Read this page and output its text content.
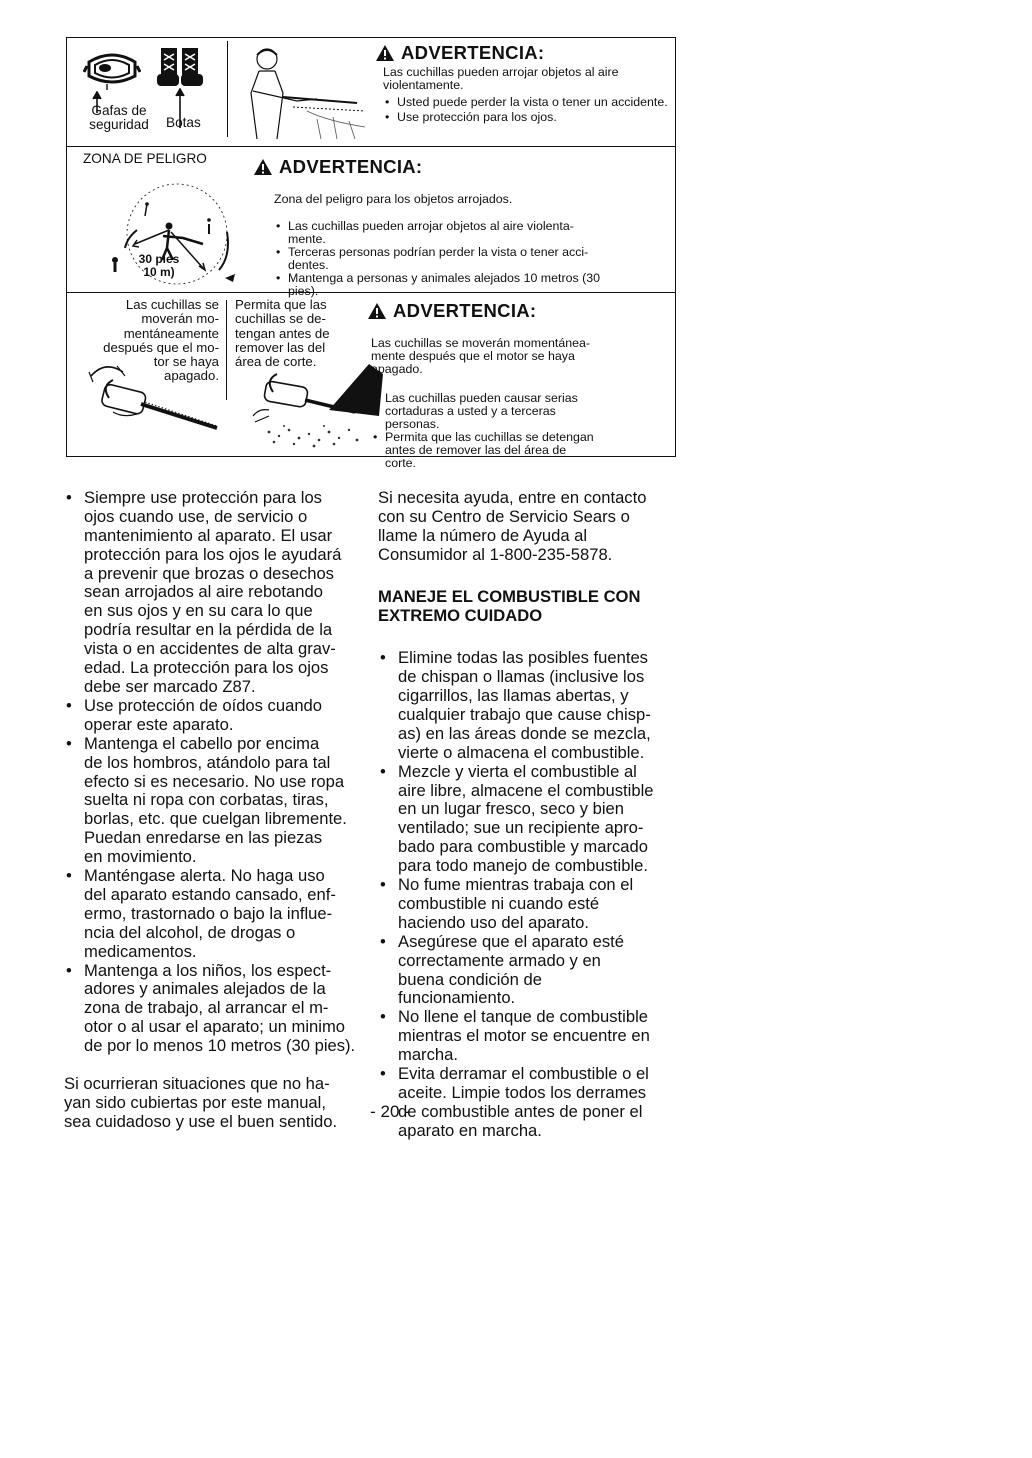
Gafas de
seguridad	Botas
ADVERTENCIA:
Las cuchillas pueden arrojar objetos al aire violentamente.
• Usted puede perder la vista o tener un accidente.
• Use protección para los ojos.
ZONA DE PELIGRO
30 pies
10 m)
ADVERTENCIA:

Zona del peligro para los objetos arrojados.

• Las cuchillas pueden arrojar objetos al aire violenta-
mente.
• Terceras personas podrían perder la vista o tener acci-
dentes.
• Mantenga a personas y animales alejados 10 metros (30
pies).

Las cuchillas se
moverán mo-
mentáneamente
después que el mo-
tor se haya
apagado.
Permita que las
cuchillas se de-
tengan antes de
remover las del
área de corte.
ADVERTENCIA:

Las cuchillas se moverán momentánea-
mente después que el motor se haya
apagado.

• Las cuchillas pueden causar serias
cortaduras a usted y a terceras
personas.
• Permita que las cuchillas se detengan
antes de remover las del área de
corte.

• Siempre use protección para los
ojos cuando use, de servicio o
mantenimiento al aparato. El usar
protección para los ojos le ayudará
a prevenir que brozas o desechos
sean arrojados al aire rebotando
en sus ojos y en su cara lo que
podría resultar en la pérdida de la
vista o en accidentes de alta grav-
edad. La protección para los ojos
debe ser marcado Z87.
• Use protección de oídos cuando
operar este aparato.
• Mantenga el cabello por encima
de los hombros, atándolo para tal
efecto si es necesario. No use ropa
suelta ni ropa con corbatas, tiras,
borlas, etc. que cuelgan libremente.
Puedan enredarse en las piezas
en movimiento.
• Manténgase alerta. No haga uso
del aparato estando cansado, enf-
ermo, trastornado o bajo la influe-
ncia del alcohol, de drogas o
medicamentos.
• Mantenga a los niños, los espect-
adores y animales alejados de la
zona de trabajo, al arrancar el m-
otor o al usar el aparato; un minimo
de por lo menos 10 metros (30 pies).

Si ocurrieran situaciones que no ha-
yan sido cubiertas por este manual,
sea cuidadoso y use el buen sentido.

Si necesita ayuda, entre en contacto
con su Centro de Servicio Sears o
llame la número de Ayuda al
Consumidor al 1-800-235-5878.

MANEJE EL COMBUSTIBLE CON
EXTREMO CUIDADO

• Elimine todas las posibles fuentes
de chispan o llamas (inclusive los
cigarrillos, las llamas abertas, y
cualquier trabajo que cause chisp-
as) en las áreas donde se mezcla,
vierte o almacena el combustible.
• Mezcle y vierta el combustible al
aire libre, almacene el combustible
en un lugar fresco, seco y bien
ventilado; sue un recipiente apro-
bado para combustible y marcado
para todo manejo de combustible.
• No fume mientras trabaja con el
combustible ni cuando esté
haciendo uso del aparato.
• Asegúrese que el aparato esté
correctamente armado y en
buena condición de
funcionamiento.
• No llene el tanque de combustible
mientras el motor se encuentre en
marcha.
• Evita derramar el combustible o el
aceite. Limpie todos los derrames
de combustible antes de poner el
aparato en marcha.

- 20 -
